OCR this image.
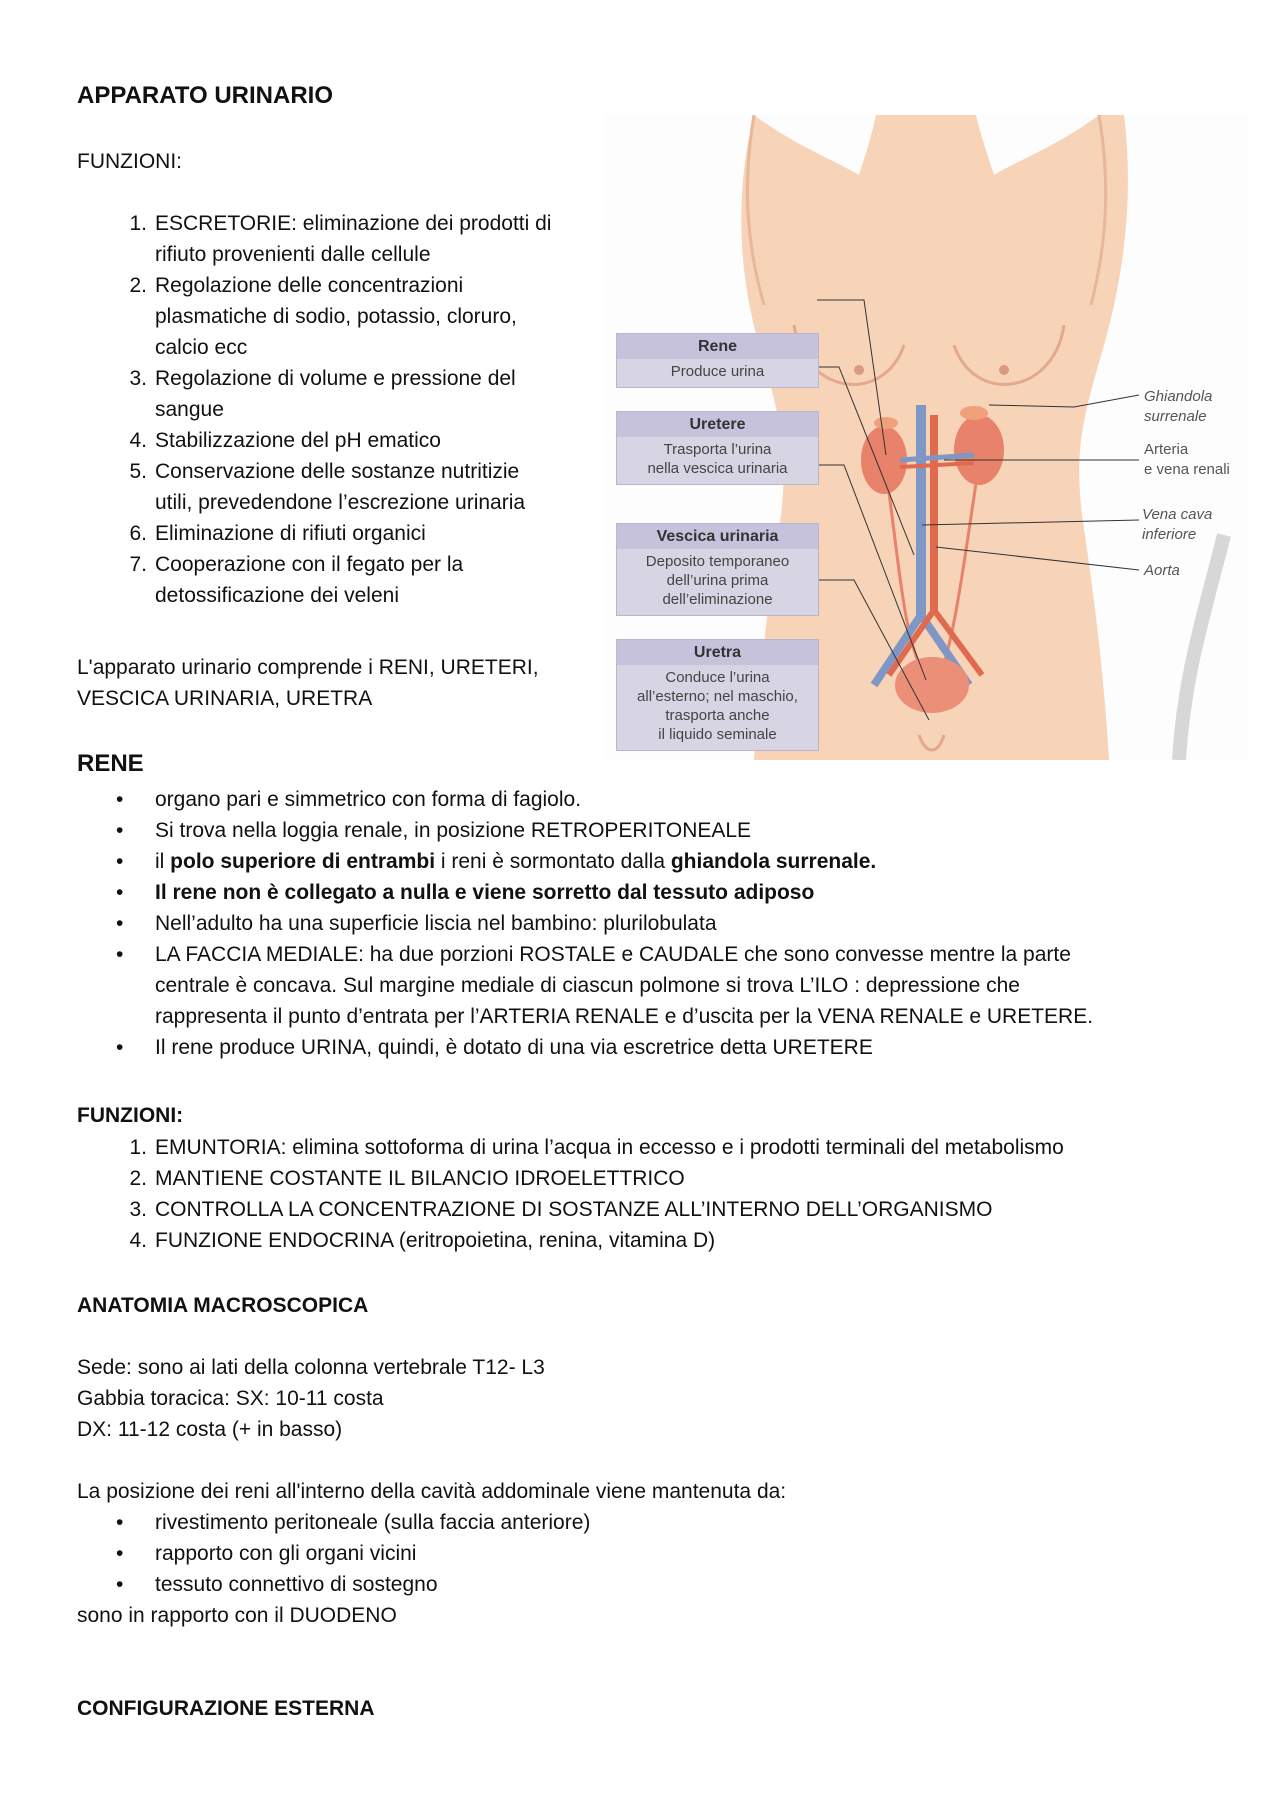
APPARATO URINARIO
FUNZIONI:
1. ESCRETORIE: eliminazione dei prodotti di
rifiuto provenienti dalle cellule
2. Regolazione delle concentrazioni
plasmatiche di sodio, potassio, cloruro,
calcio ecc
3. Regolazione di volume e pressione del
sangue
4. Stabilizzazione del pH ematico
5. Conservazione delle sostanze nutritizie
utili, prevedendone l’escrezione urinaria
6. Eliminazione di rifiuti organici
7. Cooperazione con il fegato per la
detossificazione dei veleni
L'apparato urinario comprende i RENI, URETERI,
VESCICA URINARIA, URETRA
Rene
Produce urina
Uretere
Trasporta l’urina
nella vescica urinaria
Vescica urinaria
Deposito temporaneo
dell’urina prima
dell’eliminazione
Uretra
Conduce l’urina
all’esterno; nel maschio,
trasporta anche
il liquido seminale
Ghiandola
surrenale
Arteria
e vena renali
Vena cava
inferiore
Aorta
RENE
• organo pari e simmetrico con forma di fagiolo.
• Si trova nella loggia renale, in posizione RETROPERITONEALE
• il polo superiore di entrambi i reni è sormontato dalla ghiandola surrenale.
• Il rene non è collegato a nulla e viene sorretto dal tessuto adiposo
• Nell’adulto ha una superficie liscia nel bambino: plurilobulata
• LA FACCIA MEDIALE: ha due porzioni ROSTALE e CAUDALE che sono convesse mentre la parte
centrale è concava. Sul margine mediale di ciascun polmone si trova L’ILO : depressione che
rappresenta il punto d’entrata per l’ARTERIA RENALE e d’uscita per la VENA RENALE e URETERE.
• Il rene produce URINA, quindi, è dotato di una via escretrice detta URETERE
FUNZIONI:
1. EMUNTORIA: elimina sottoforma di urina l’acqua in eccesso e i prodotti terminali del metabolismo
2. MANTIENE COSTANTE IL BILANCIO IDROELETTRICO
3. CONTROLLA LA CONCENTRAZIONE DI SOSTANZE ALL’INTERNO DELL’ORGANISMO
4. FUNZIONE ENDOCRINA (eritropoietina, renina, vitamina D)
ANATOMIA MACROSCOPICA
Sede: sono ai lati della colonna vertebrale T12- L3
Gabbia toracica: SX: 10-11 costa
DX: 11-12 costa (+ in basso)
La posizione dei reni all'interno della cavità addominale viene mantenuta da:
• rivestimento peritoneale (sulla faccia anteriore)
• rapporto con gli organi vicini
• tessuto connettivo di sostegno
sono in rapporto con il DUODENO
CONFIGURAZIONE ESTERNA
